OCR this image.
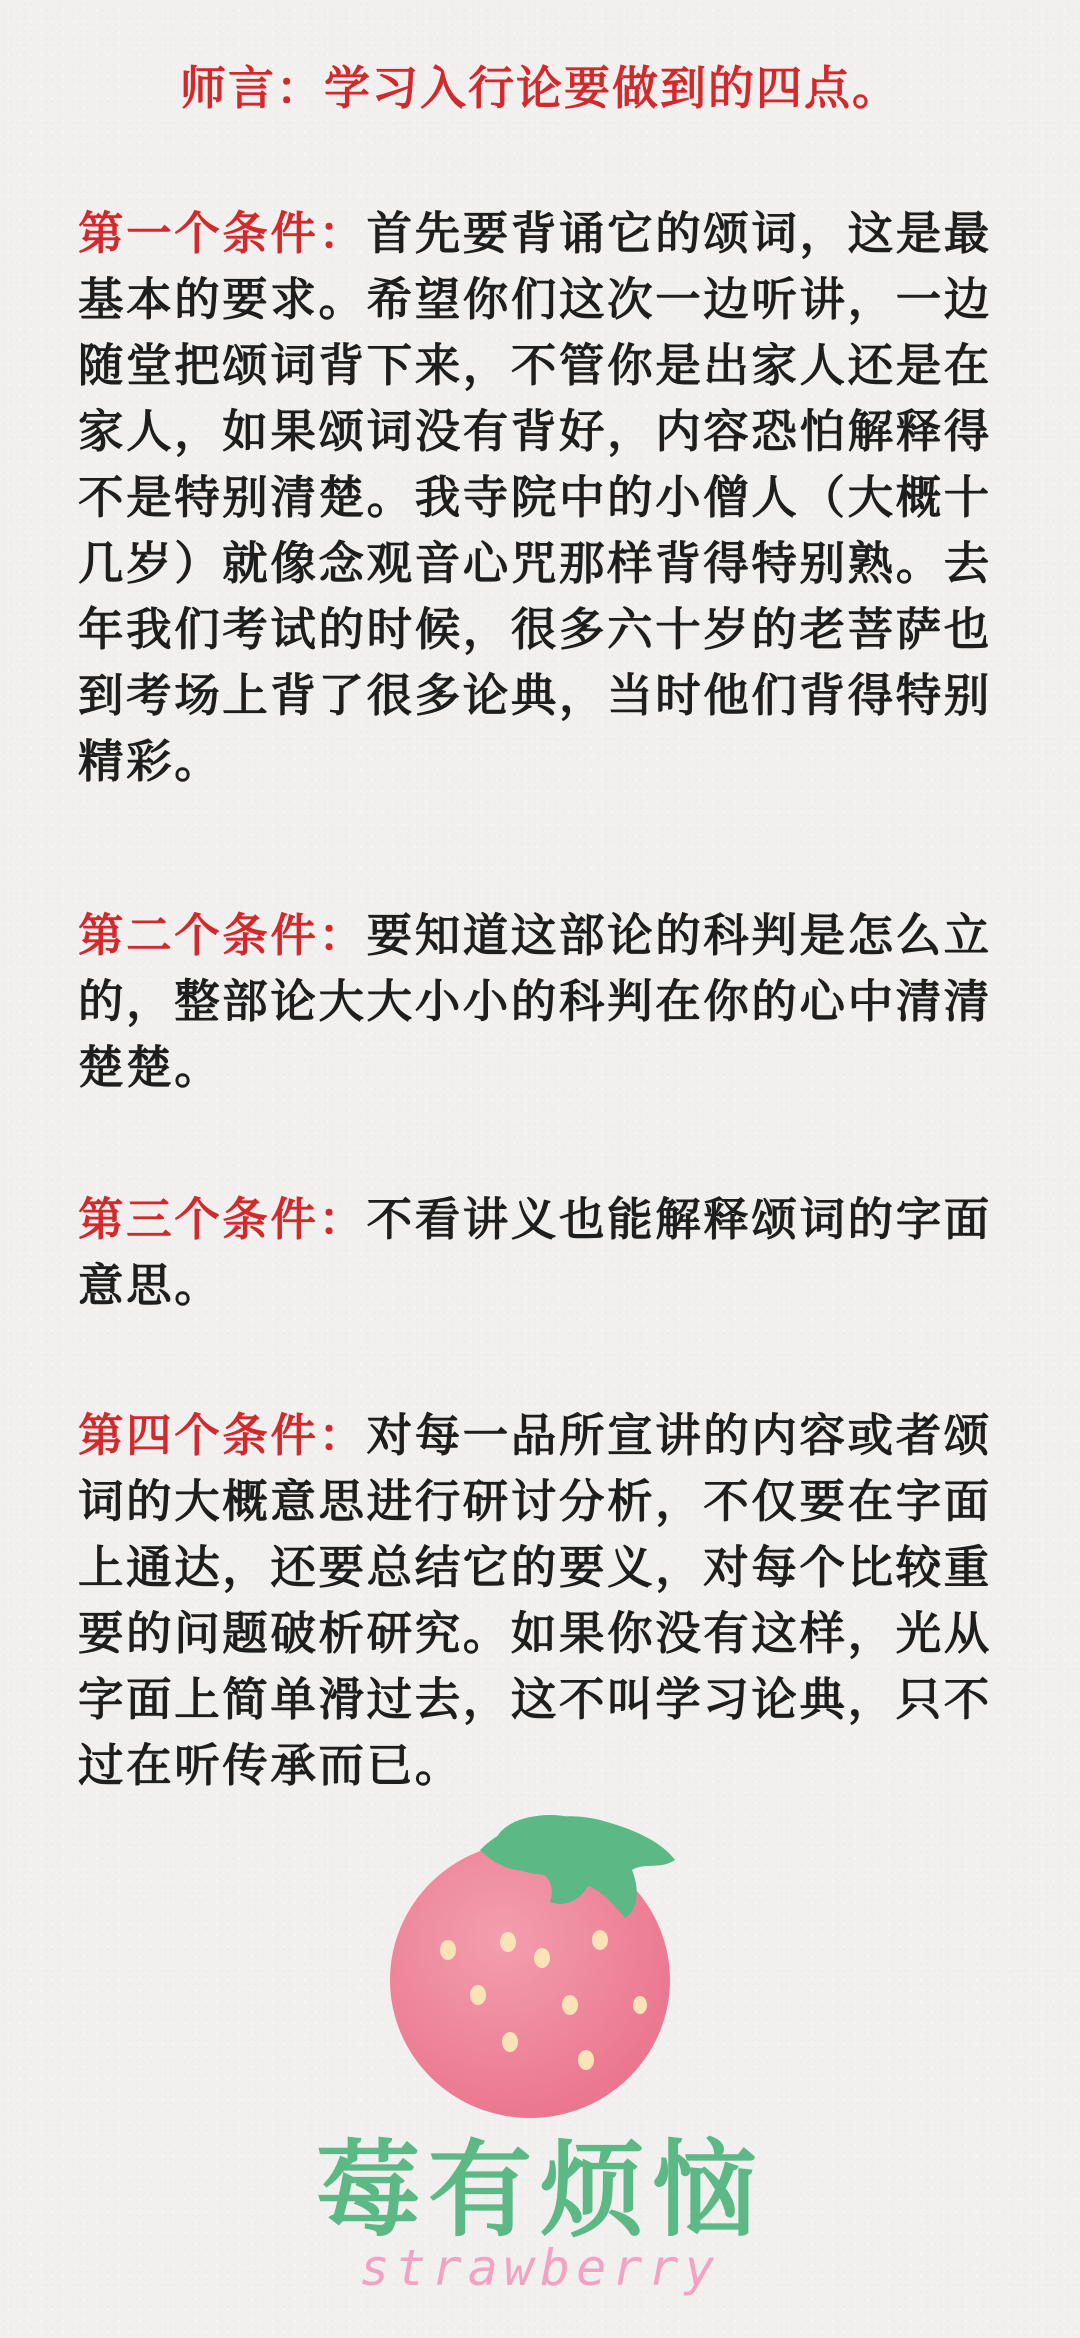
师言：学习入行论要做到的四点。
第一个条件：首先要背诵它的颂词，这是最基本的要求。希望你们这次一边听讲，一边随堂把颂词背下来，不管你是出家人还是在家人，如果颂词没有背好，内容恐怕解释得不是特别清楚。我寺院中的小僧人（大概十几岁）就像念观音心咒那样背得特别熟。去年我们考试的时候，很多六十岁的老菩萨也到考场上背了很多论典，当时他们背得特别精彩。
第二个条件：要知道这部论的科判是怎么立的，整部论大大小小的科判在你的心中清清楚楚。
第三个条件：不看讲义也能解释颂词的字面意思。
第四个条件：对每一品所宣讲的内容或者颂词的大概意思进行研讨分析，不仅要在字面上通达，还要总结它的要义，对每个比较重要的问题破析研究。如果你没有这样，光从字面上简单滑过去，这不叫学习论典，只不过在听传承而已。
莓有烦恼
strawberry
